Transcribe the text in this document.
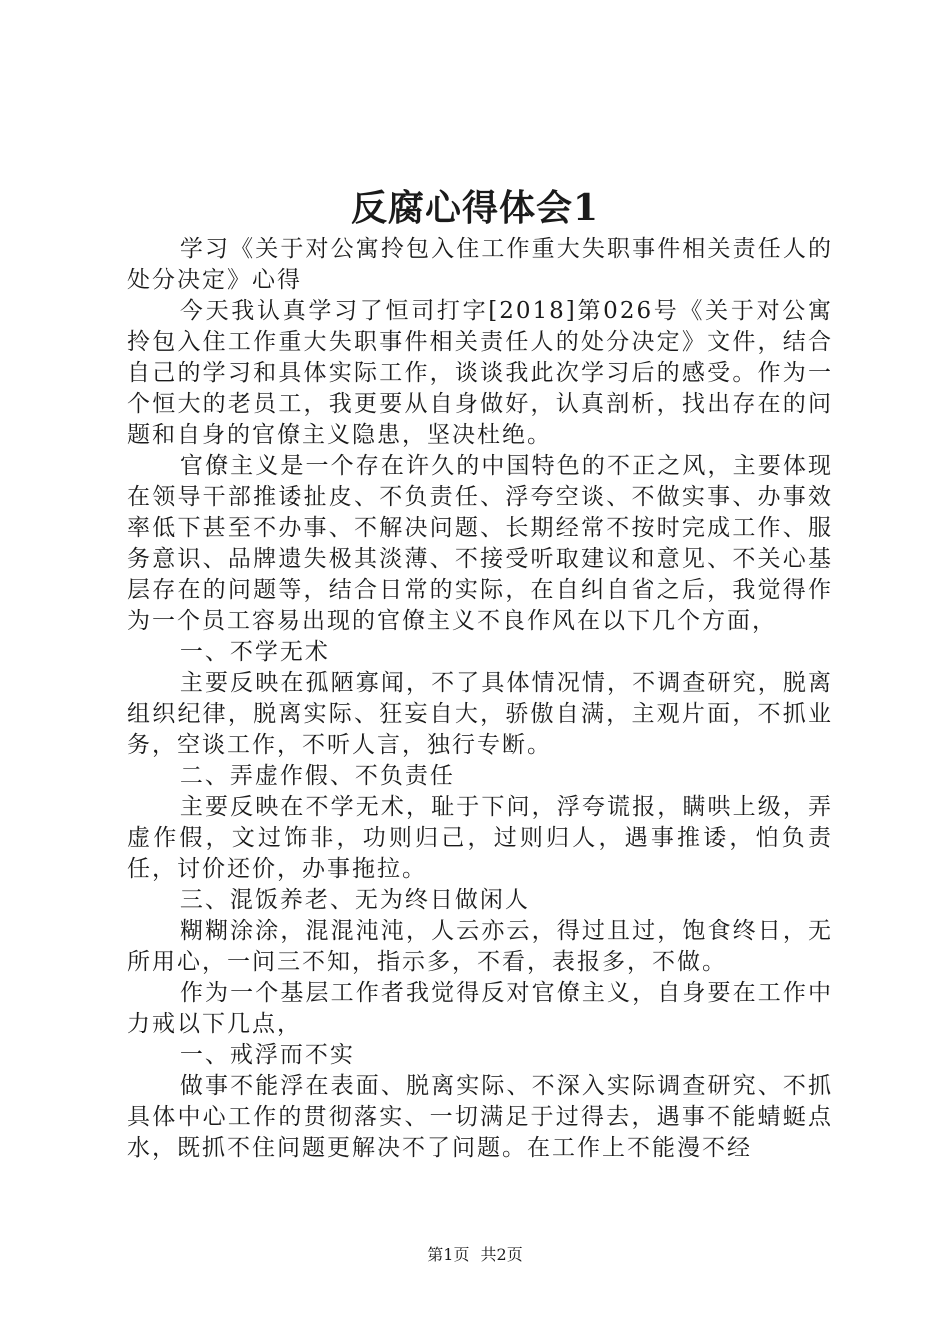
反腐心得体会1

学习《关于对公寓拎包入住工作重大失职事件相关责任人的处分决定》心得

今天我认真学习了恒司打字[2018]第026号《关于对公寓拎包入住工作重大失职事件相关责任人的处分决定》文件，结合自己的学习和具体实际工作，谈谈我此次学习后的感受。作为一个恒大的老员工，我更要从自身做好，认真剖析，找出存在的问题和自身的官僚主义隐患，坚决杜绝。

官僚主义是一个存在许久的中国特色的不正之风，主要体现在领导干部推诿扯皮、不负责任、浮夸空谈、不做实事、办事效率低下甚至不办事、不解决问题、长期经常不按时完成工作、服务意识、品牌遗失极其淡薄、不接受听取建议和意见、不关心基层存在的问题等，结合日常的实际，在自纠自省之后，我觉得作为一个员工容易出现的官僚主义不良作风在以下几个方面，

一、不学无术

主要反映在孤陋寡闻，不了具体情况情，不调查研究，脱离组织纪律，脱离实际、狂妄自大，骄傲自满，主观片面，不抓业务，空谈工作，不听人言，独行专断。

二、弄虚作假、不负责任

主要反映在不学无术，耻于下问，浮夸谎报，瞒哄上级，弄虚作假，文过饰非，功则归己，过则归人，遇事推诿，怕负责任，讨价还价，办事拖拉。

三、混饭养老、无为终日做闲人

糊糊涂涂，混混沌沌，人云亦云，得过且过，饱食终日，无所用心，一问三不知，指示多，不看，表报多，不做。

作为一个基层工作者我觉得反对官僚主义，自身要在工作中力戒以下几点，

一、戒浮而不实

做事不能浮在表面、脱离实际、不深入实际调查研究、不抓具体中心工作的贯彻落实、一切满足于过得去，遇事不能蜻蜓点水，既抓不住问题更解决不了问题。在工作上不能漫不经

第1页 共2页
